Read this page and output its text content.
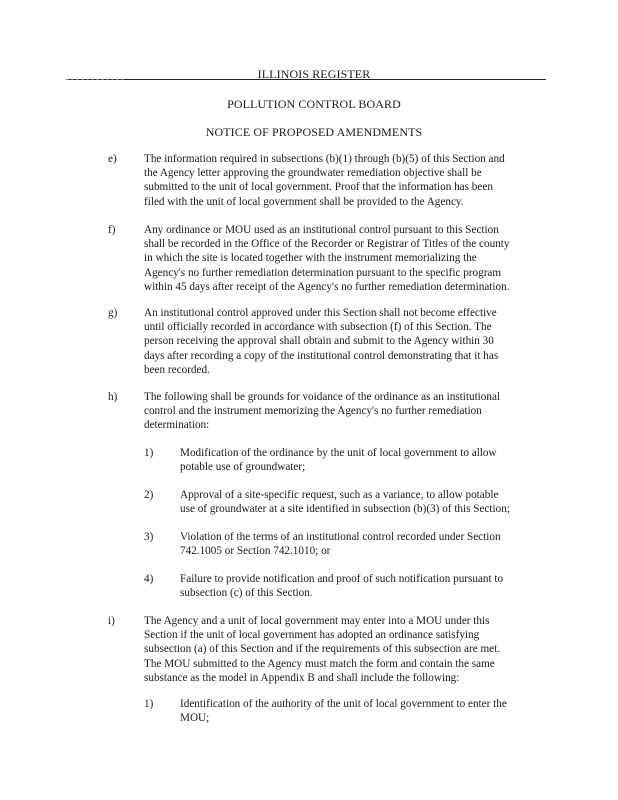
ILLINOIS REGISTER
POLLUTION CONTROL BOARD
NOTICE OF PROPOSED AMENDMENTS
e) The information required in subsections (b)(1) through (b)(5) of this Section and
the Agency letter approving the groundwater remediation objective shall be
submitted to the unit of local government. Proof that the information has been
filed with the unit of local government shall be provided to the Agency.
f)	Any ordinance or MOU used as an institutional control pursuant to this Section
shall be recorded in the Office of the Recorder or Registrar of Titles of the county
in which the site is located together with the instrument memorializing the
Agency's no further remediation determination pursuant to the specific program
within 45 days after receipt of the Agency's no further remediation determination.
g) An institutional control approved under this Section shall not become effective
until officially recorded in accordance with subsection (f) of this Section. The
person receiving the approval shall obtain and submit to the Agency within 30
days after recording a copy of the institutional control demonstrating that it has
been recorded.
h) The following shall be grounds for voidance of the ordinance as an institutional
control and the instrument memorizing the Agency's no further remediation
determination:
1) Modification of the ordinance by the unit of local government to allow
potable use of groundwater;
2) Approval of a site-specific request, such as a variance, to allow potable
use of groundwater at a site identified in subsection (b)(3) of this Section;
3) Violation of the terms of an institutional control recorded under Section
742.1005 or Section 742.1010; or
4) Failure to provide notification and proof of such notification pursuant to
subsection (c) of this Section.
i)	The Agency and a unit of local government may enter into a MOU under this
Section if the unit of local government has adopted an ordinance satisfying
subsection (a) of this Section and if the requirements of this subsection are met.
The MOU submitted to the Agency must match the form and contain the same
substance as the model in Appendix B and shall include the following:
1) Identification of the authority of the unit of local government to enter the
MOU;
